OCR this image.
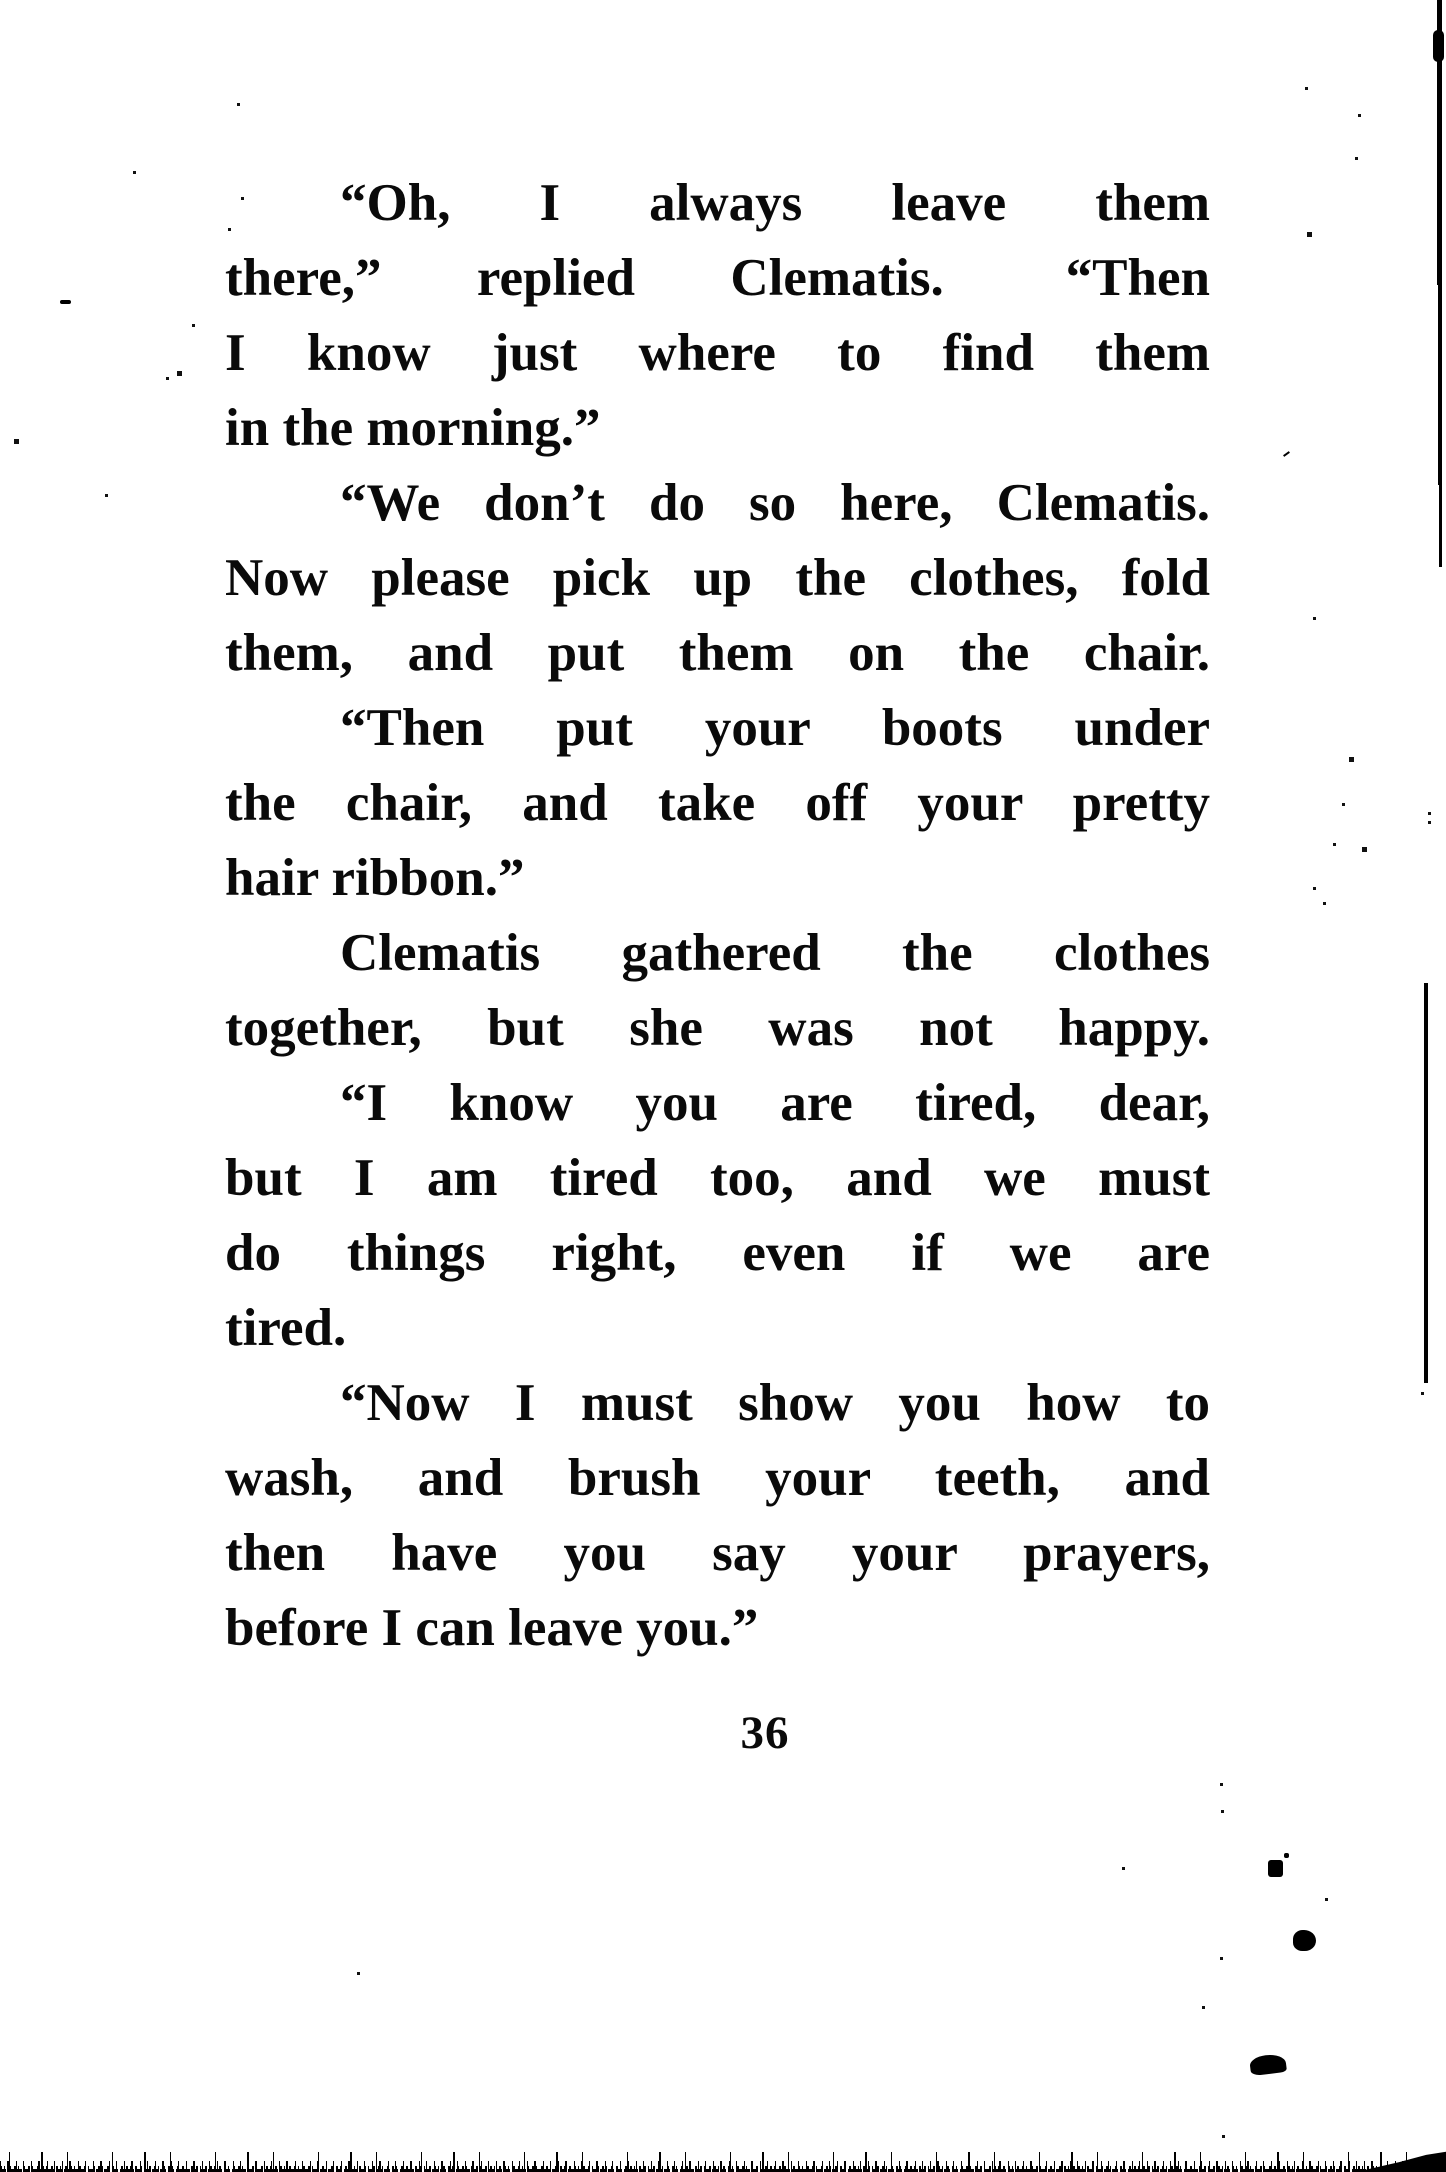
“Oh, I always leave them
there,” replied Clematis.  “Then
I know just where to find them
in the morning.”

“We don’t do so here, Clematis.
Now please pick up the clothes, fold
them, and put them on the chair.

“Then put your boots under
the chair, and take off your pretty
hair ribbon.”

Clematis gathered the clothes
together, but she was not happy.

“I know you are tired, dear,
but I am tired too, and we must
do things right, even if we are
tired.

“Now I must show you how to
wash, and brush your teeth, and
then have you say your prayers,
before I can leave you.”

36
